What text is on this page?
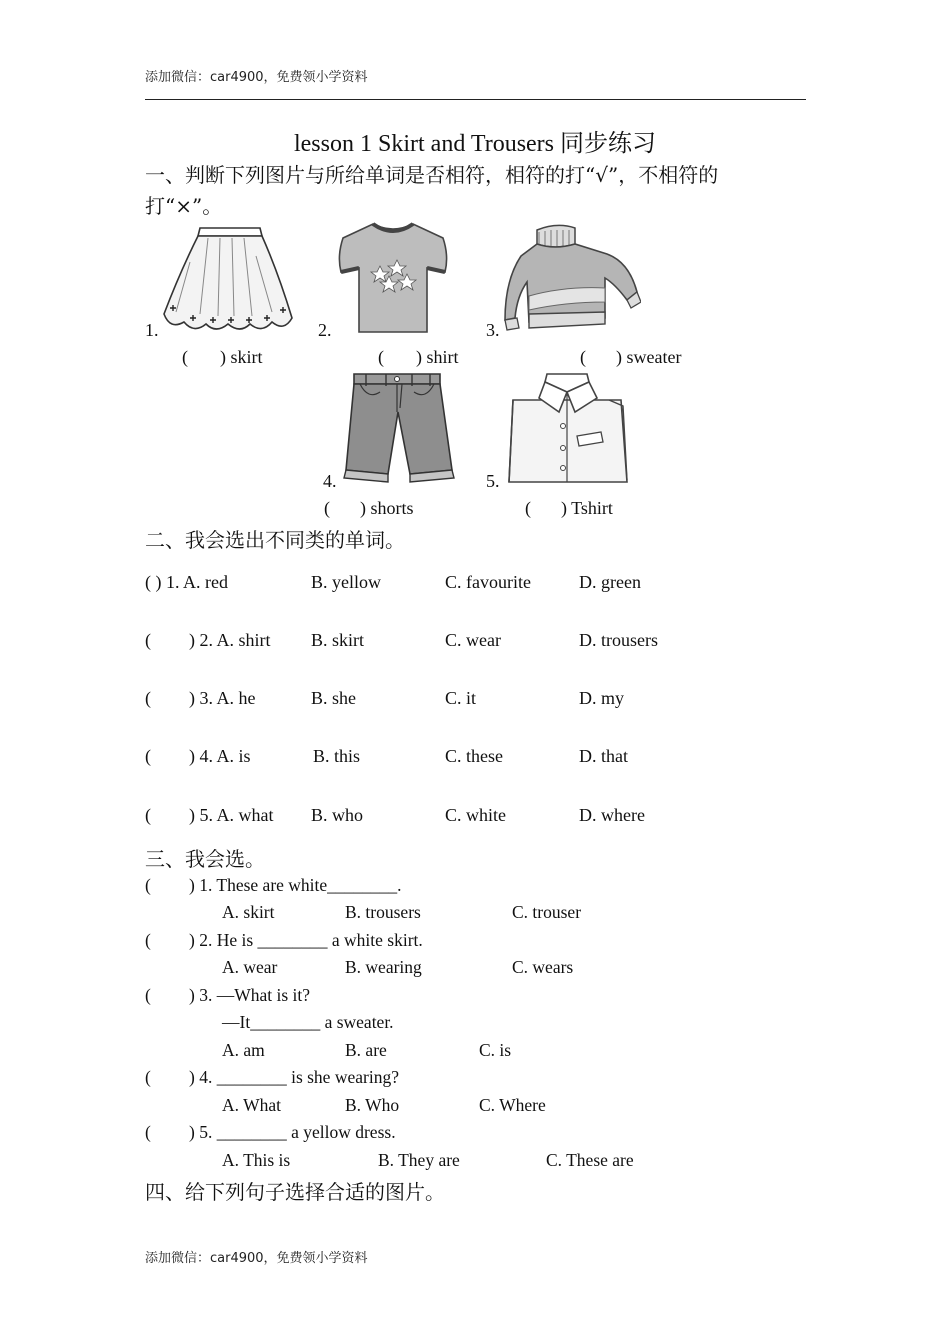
添加微信：car4900，免费领小学资料
lesson 1 Skirt and Trousers 同步练习
一、判断下列图片与所给单词是否相符，相符的打“√”，不相符的
打“×”。
1.
( ) skirt
2.
( ) shirt
3.
( ) sweater
4.
( ) shorts
5.
( ) Tshirt
二、我会选出不同类的单词。
( ) 1. A. red	B. yellow	C. favourite	D. green
( ) 2. A. shirt B. skirt	C. wear	D. trousers
( ) 3. A. he	B. she	C. it	D. my
( ) 4. A. is	B. this	C. these	D. that
( ) 5. A. what B. who	C. white	D. where
三、我会选。
( ) 1. These are white________.
A. skirt	B. trousers	C. trouser
( ) 2. He is ________ a white skirt.
A. wear	B. wearing	C. wears
( ) 3. —What is it?
—It________ a sweater.
A. am	B. are	C. is
( ) 4. ________ is she wearing?
A. What	B. Who	C. Where
( ) 5. ________ a yellow dress.
A. This is	B. They are	C. These are
四、给下列句子选择合适的图片。
添加微信：car4900，免费领小学资料
